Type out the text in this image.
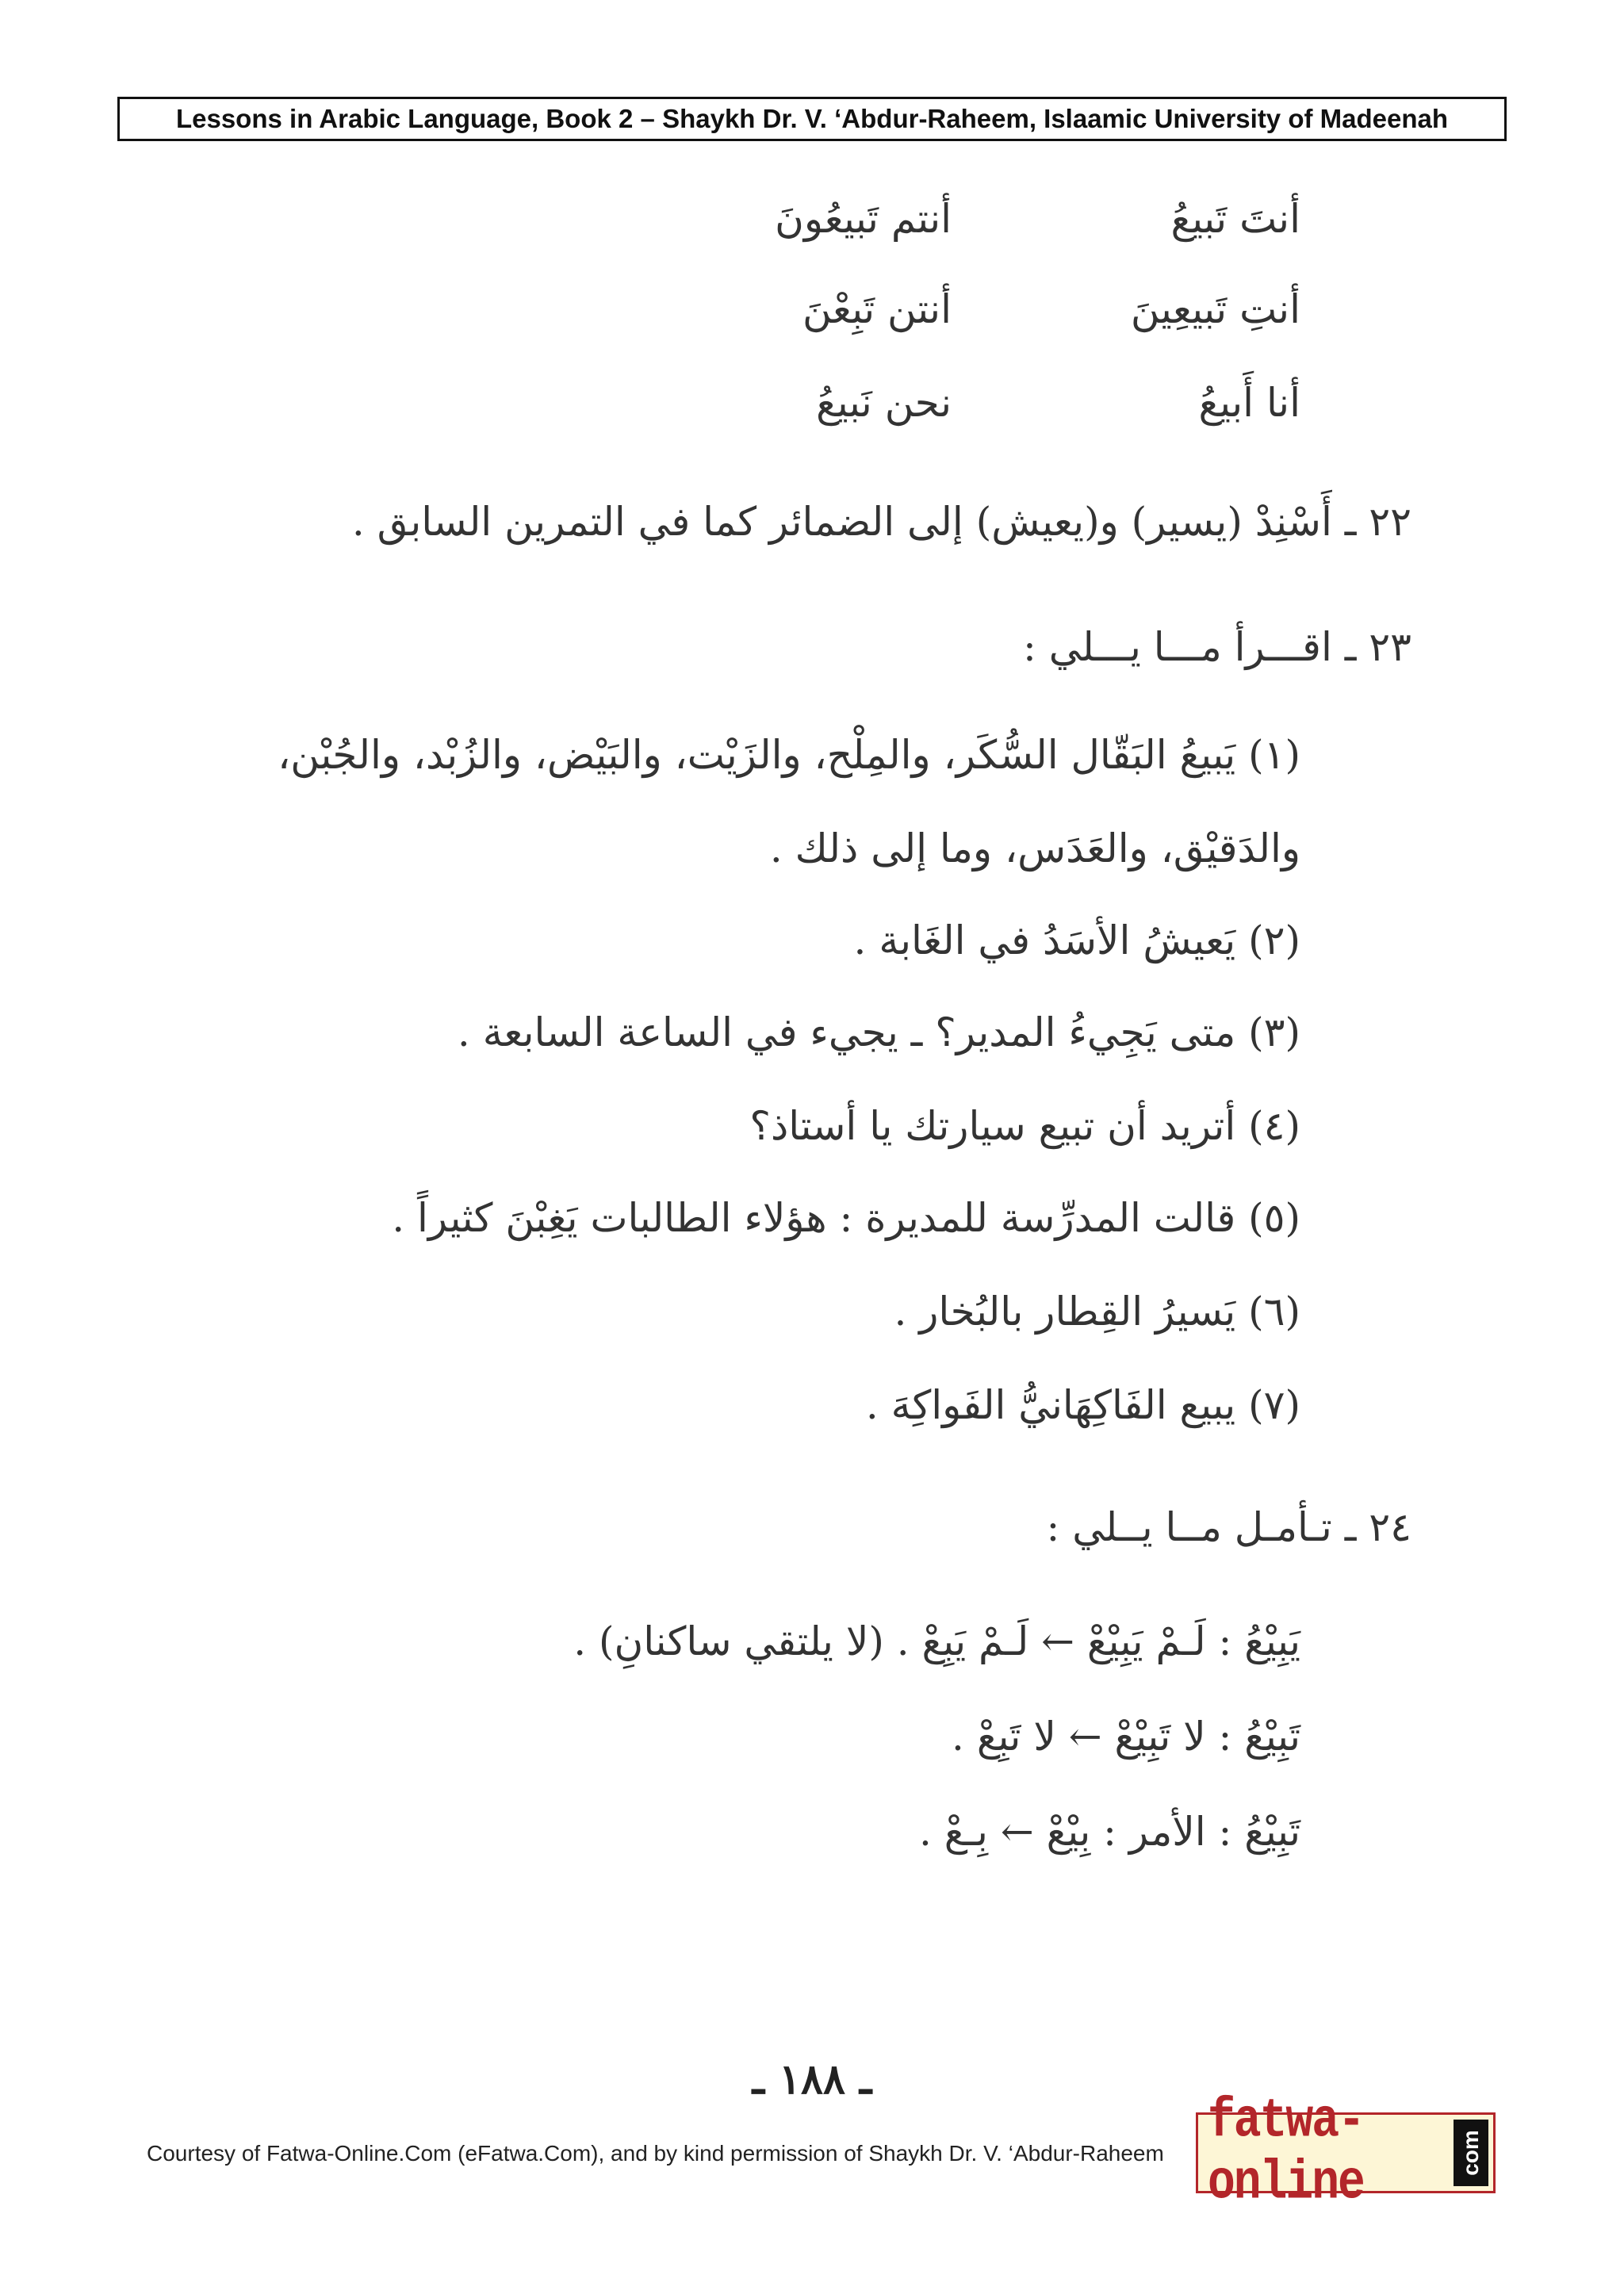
Lessons in Arabic Language, Book 2 – Shaykh Dr. V. ‘Abdur-Raheem, Islaamic University of Madeenah
أنتَ تَبيعُ
أنتم تَبيعُونَ
أنتِ تَبيعِينَ
أنتن تَبِعْنَ
أنا أَبيعُ
نحن نَبيعُ
٢٢ ـ أَسْنِدْ (يسير) و(يعيش) إلى الضمائر كما في التمرين السابق .
٢٣ ـ اقـــرأ مـــا يـــلي :
(١) يَبيعُ البَقّال السُّكَر، والمِلْح، والزَيْت، والبَيْض، والزُبْد، والجُبْن،
والدَقيْق، والعَدَس، وما إلى ذلك .
(٢) يَعيشُ الأسَدُ في الغَابة .
(٣) متى يَجِيءُ المدير؟ ـ يجيء في الساعة السابعة .
(٤) أتريد أن تبيع سيارتك يا أستاذ؟
(٥) قالت المدرِّسة للمديرة : هؤلاء الطالبات يَغِبْنَ كثيراً .
(٦) يَسيرُ القِطار بالبُخار .
(٧) يبيع الفَاكِهَانيُّ الفَواكِهَ .
٢٤ ـ تـأمـل مــا يــلي :
يَبِيْعُ : لَـمْ يَبِيْعْ ← لَـمْ يَبِعْ . (لا يلتقي ساكنانِ) .
تَبِيْعُ : لا تَبِيْعْ ← لا تَبِعْ .
تَبِيْعُ : الأمر : بِيْعْ ← بِـعْ .
ـ ١٨٨ ـ
Courtesy of Fatwa-Online.Com (eFatwa.Com), and by kind permission of Shaykh Dr. V. ‘Abdur-Raheem
fatwa-online	com
